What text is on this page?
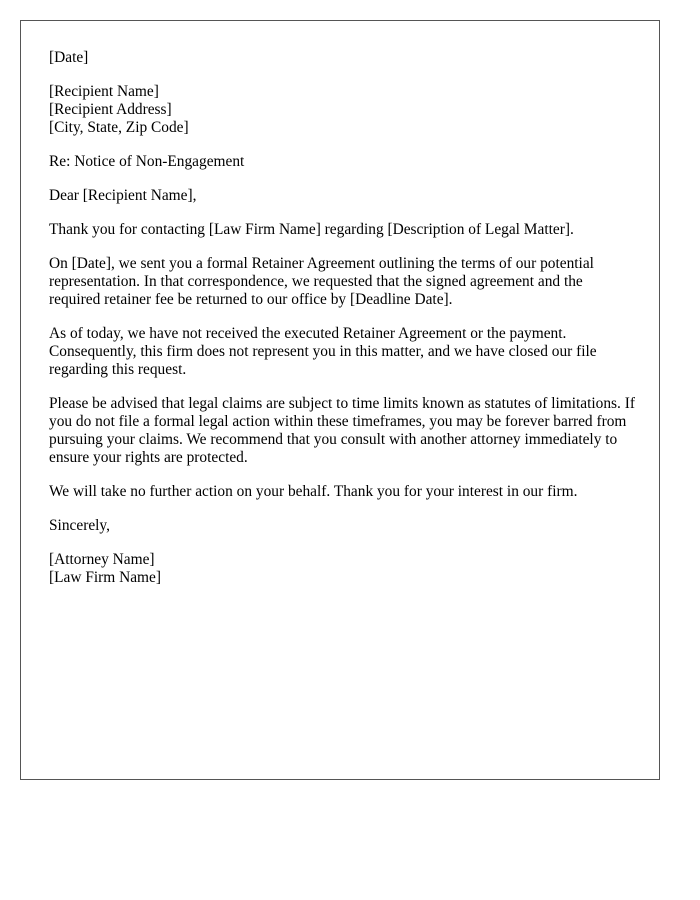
[Date]
[Recipient Name]
[Recipient Address]
[City, State, Zip Code]
Re: Notice of Non-Engagement
Dear [Recipient Name],

Thank you for contacting [Law Firm Name] regarding [Description of Legal Matter].

On [Date], we sent you a formal Retainer Agreement outlining the terms of our potential representation. In that correspondence, we requested that the signed agreement and the required retainer fee be returned to our office by [Deadline Date].

As of today, we have not received the executed Retainer Agreement or the payment. Consequently, this firm does not represent you in this matter, and we have closed our file regarding this request.

Please be advised that legal claims are subject to time limits known as statutes of limitations. If you do not file a formal legal action within these timeframes, you may be forever barred from pursuing your claims. We recommend that you consult with another attorney immediately to ensure your rights are protected.

We will take no further action on your behalf. Thank you for your interest in our firm.

Sincerely,
[Attorney Name]
[Law Firm Name]
